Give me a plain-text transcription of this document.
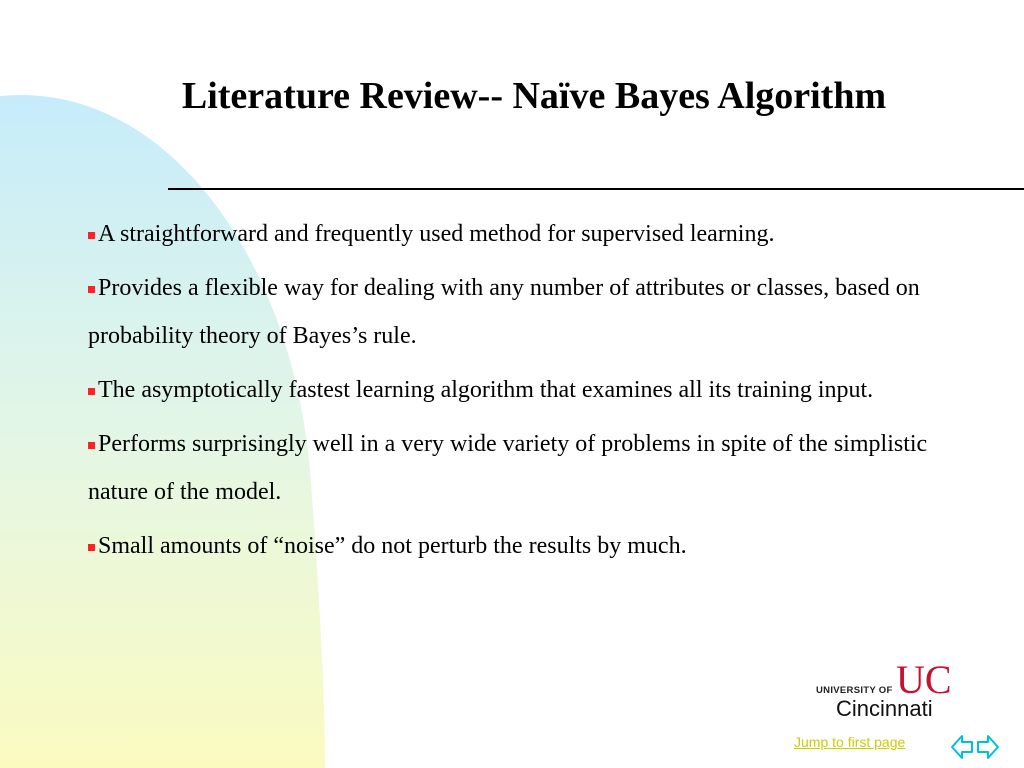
Literature Review-- Naïve Bayes Algorithm
A straightforward and frequently used method for supervised learning.
Provides a flexible way for dealing with any number of attributes or classes, based on probability theory of Bayes’s rule.
The asymptotically fastest learning algorithm that examines all its training input.
Performs surprisingly well in a very wide variety of problems in spite of the simplistic nature of the model.
Small amounts of “noise” do not perturb the results by much.
UNIVERSITY OF UC
Cincinnati
Jump to first page
